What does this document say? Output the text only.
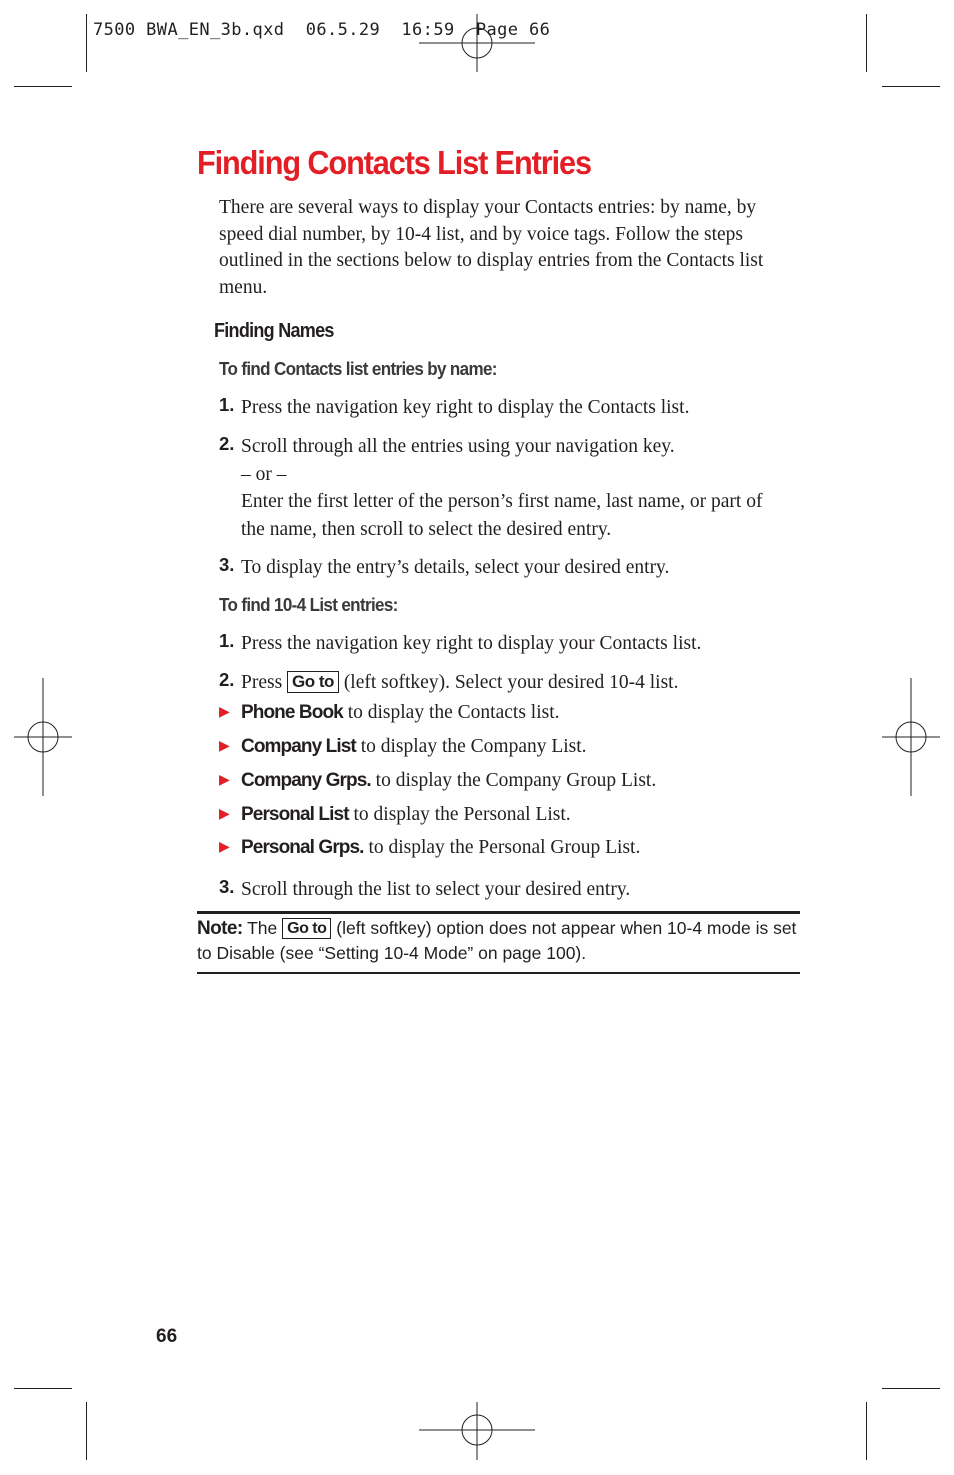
7500 BWA_EN_3b.qxd  06.5.29  16:59  Page 66
Finding Contacts List Entries
There are several ways to display your Contacts entries: by name, by speed dial number, by 10-4 list, and by voice tags. Follow the steps outlined in the sections below to display entries from the Contacts list menu.
Finding Names
To find Contacts list entries by name:
1. Press the navigation key right to display the Contacts list.
2. Scroll through all the entries using your navigation key.
– or –
Enter the first letter of the person’s first name, last name, or part of the name, then scroll to select the desired entry.
3. To display the entry’s details, select your desired entry.
To find 10-4 List entries:
1. Press the navigation key right to display your Contacts list.
2. Press Go to (left softkey). Select your desired 10-4 list.
▶ Phone Book to display the Contacts list.
▶ Company List to display the Company List.
▶ Company Grps. to display the Company Group List.
▶ Personal List to display the Personal List.
▶ Personal Grps. to display the Personal Group List.
3. Scroll through the list to select your desired entry.
Note: The Go to (left softkey) option does not appear when 10-4 mode is set to Disable (see “Setting 10-4 Mode” on page 100).
66
